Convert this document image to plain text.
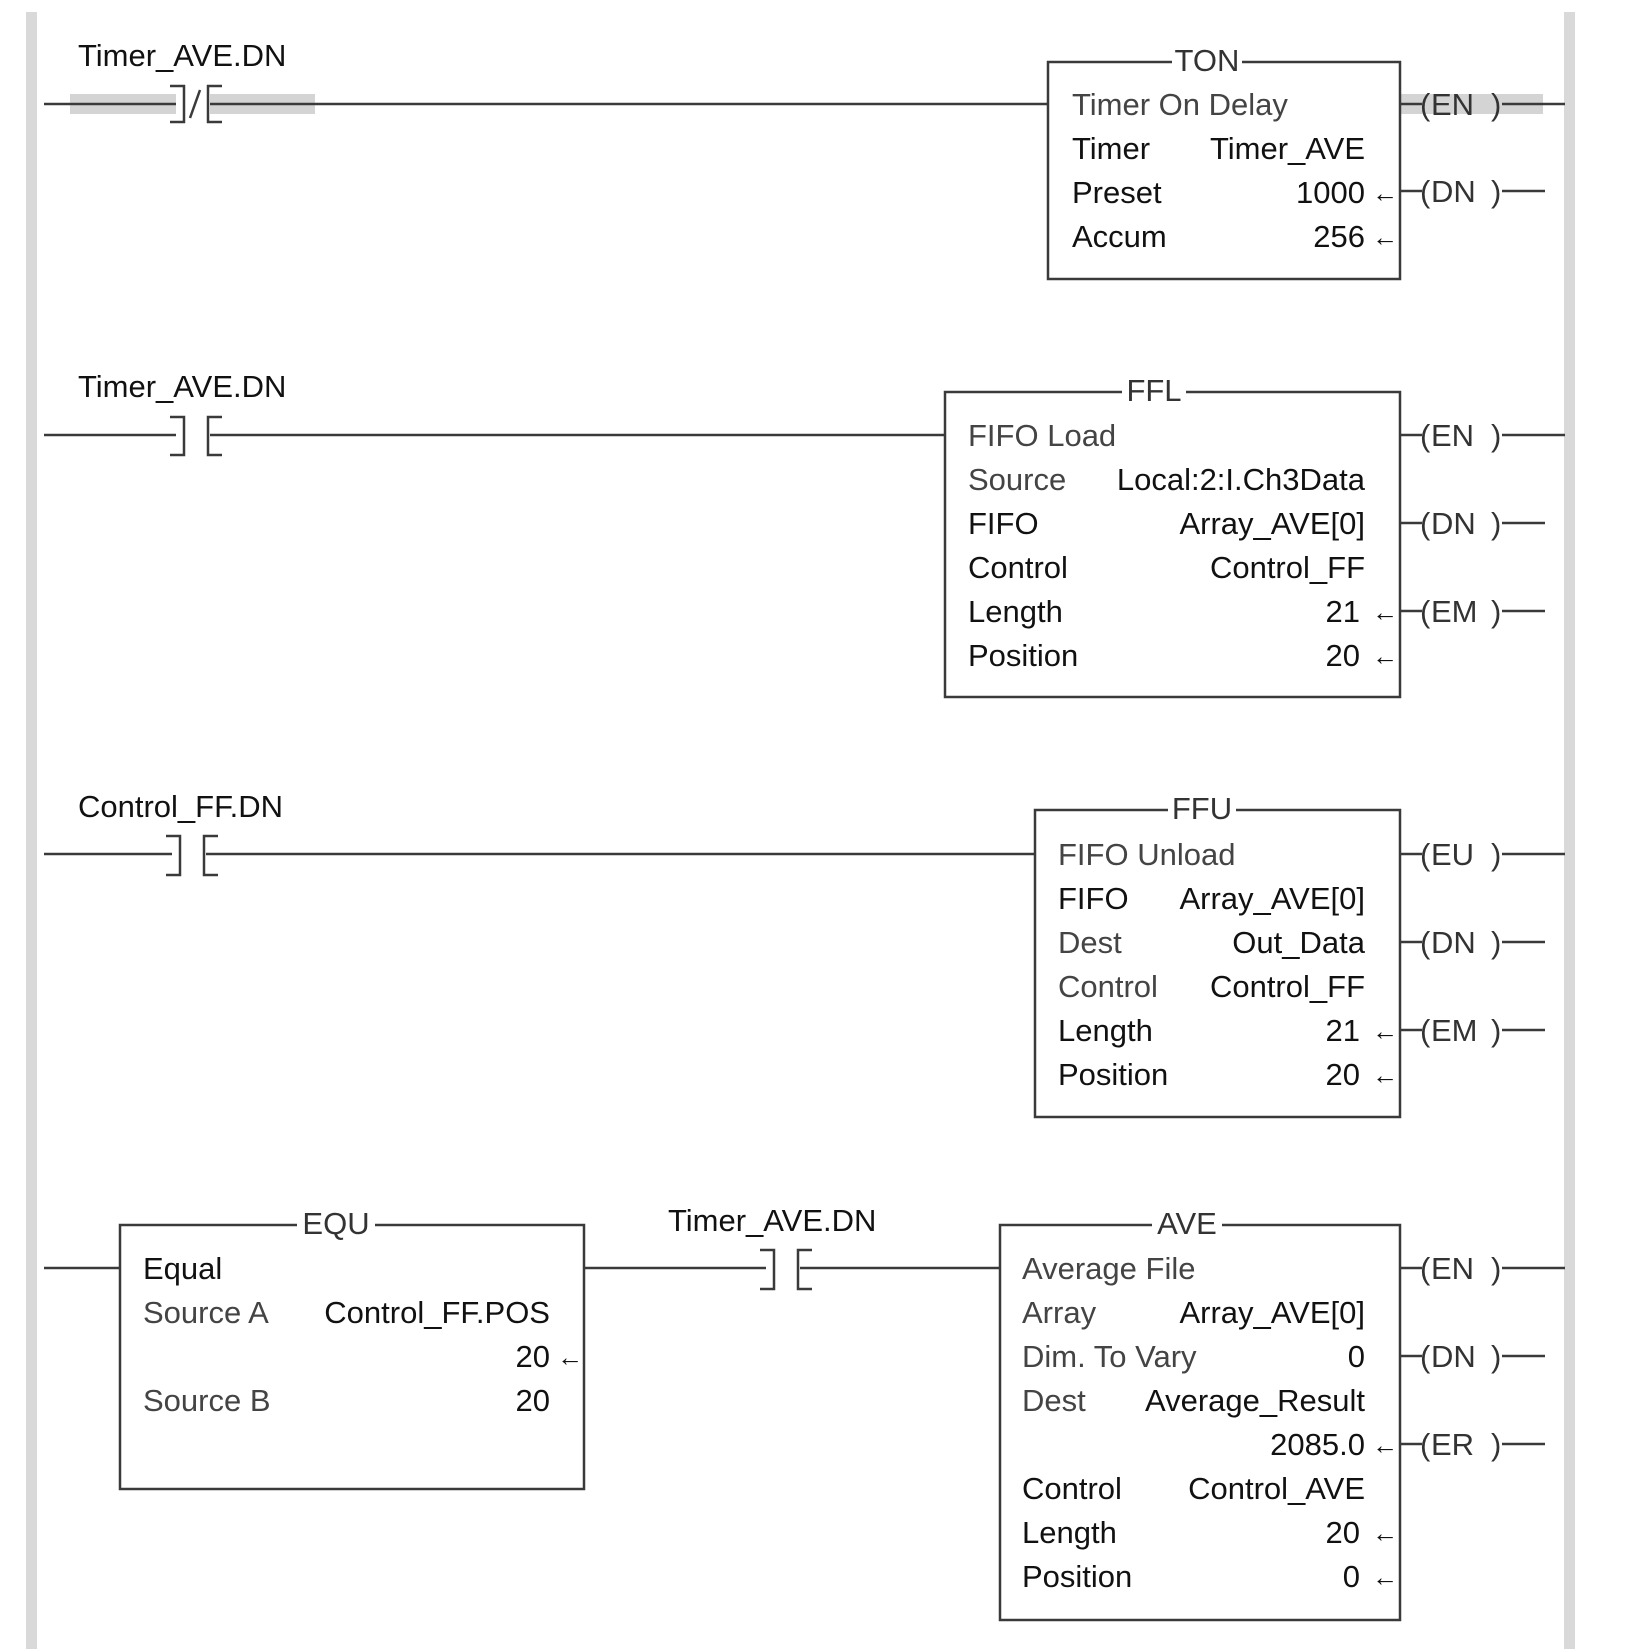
Timer_AVE.DN	TON
Timer On Delay
Timer Timer_AVE
Preset	1000 ←
Accum	256 ←
( EN )
( DN )
Timer_AVE.DN	FFL
FIFO Load
Source Local:2:I.Ch3Data
FIFO	Array_AVE[0]
Control	Control_FF
Length	21 ←
Position	20 ←
( EN )
( DN )
( EM )
Control_FF.DN	FFU
FIFO Unload
FIFO Array_AVE[0]
Dest	Out_Data
Control Control_FF
Length	21 ←
Position	20 ←
( EU )
( DN )
( EM )
EQU
Equal
Source A Control_FF.POS
20 ←
Source B	20
Timer_AVE.DN	AVE
Average File
Array	Array_AVE[0]
Dim. To Vary	0
Dest Average_Result
2085.0 ←
Control Control_AVE
Length	20 ←
Position	0 ←
( EN )
( DN )
( ER )
